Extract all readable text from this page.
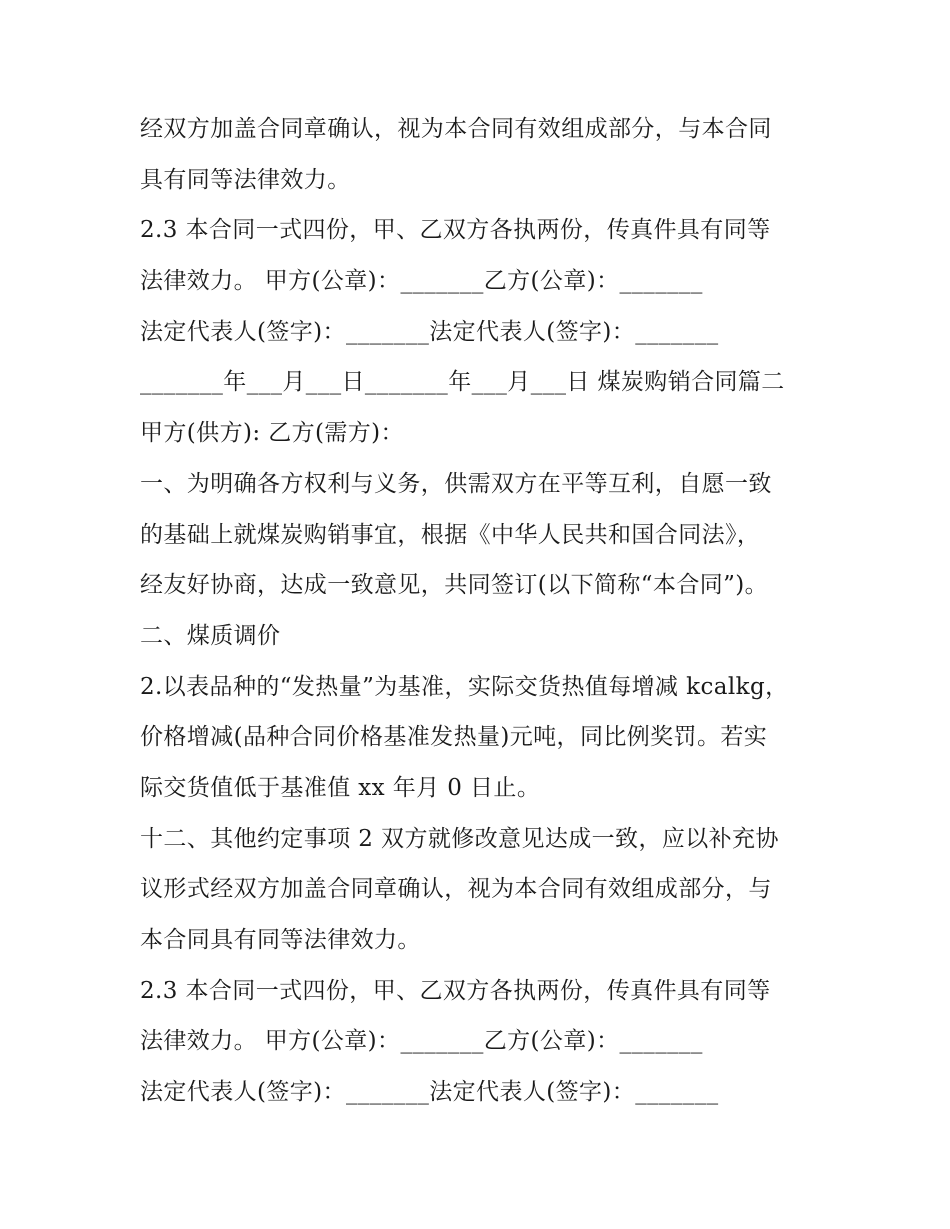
经双方加盖合同章确认，视为本合同有效组成部分，与本合同
具有同等法律效力。
2.3 本合同一式四份，甲、乙双方各执两份，传真件具有同等
法律效力。 甲方(公章)：_______乙方(公章)：_______
法定代表人(签字)：_______法定代表人(签字)：_______
_______年___月___日_______年___月___日 煤炭购销合同篇二
甲方(供方): 乙方(需方)：
一、为明确各方权利与义务，供需双方在平等互利，自愿一致
的基础上就煤炭购销事宜，根据《中华人民共和国合同法》，
经友好协商，达成一致意见，共同签订(以下简称“本合同”)。
二、煤质调价
2.以表品种的“发热量”为基准，实际交货热值每增减 kcalkg，
价格增减(品种合同价格基准发热量)元吨，同比例奖罚。若实
际交货值低于基准值 xx 年月 0 日止。
十二、其他约定事项 2 双方就修改意见达成一致，应以补充协
议形式经双方加盖合同章确认，视为本合同有效组成部分，与
本合同具有同等法律效力。
2.3 本合同一式四份，甲、乙双方各执两份，传真件具有同等
法律效力。 甲方(公章)：_______乙方(公章)：_______
法定代表人(签字)：_______法定代表人(签字)：_______
